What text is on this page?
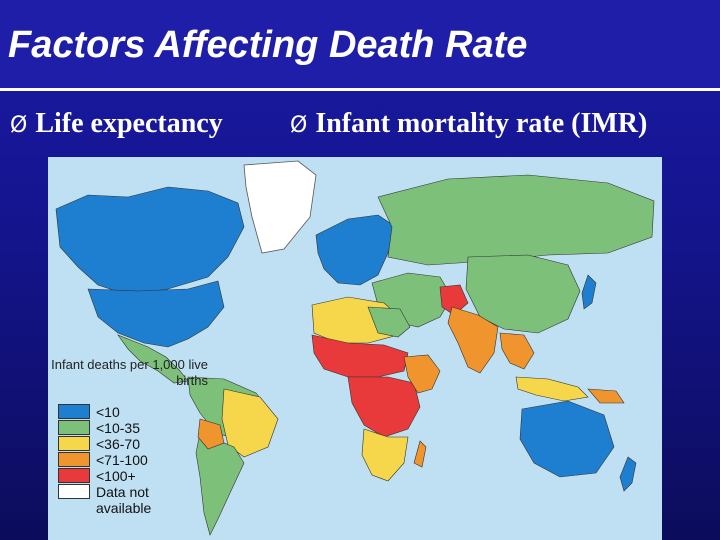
Factors Affecting Death Rate
Ø Life expectancy	Ø Infant mortality rate (IMR)
Infant deaths per 1,000 live births
<10
<10-35
<36-70
<71-100
<100+
Data not available
